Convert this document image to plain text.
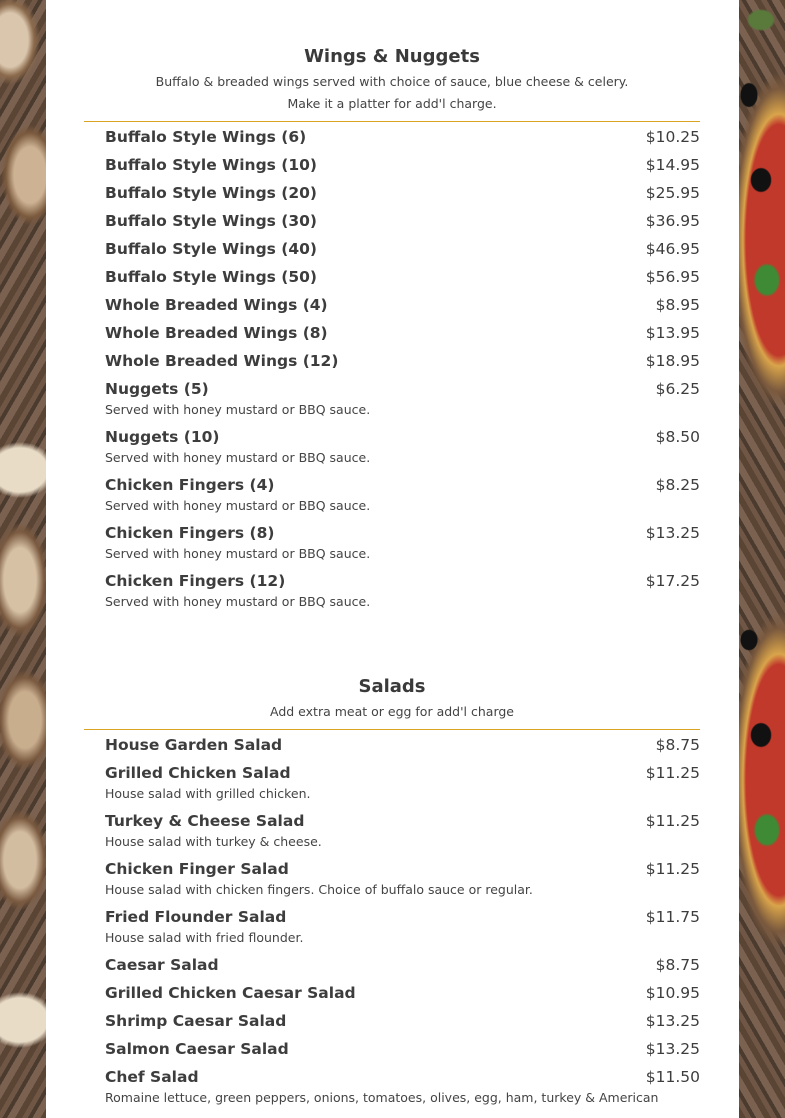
Wings & Nuggets

Buffalo & breaded wings served with choice of sauce, blue cheese & celery.

Make it a platter for add'l charge.

Buffalo Style Wings (6)	$10.25
Buffalo Style Wings (10)	$14.95
Buffalo Style Wings (20)	$25.95
Buffalo Style Wings (30)	$36.95
Buffalo Style Wings (40)	$46.95
Buffalo Style Wings (50)	$56.95
Whole Breaded Wings (4)	$8.95
Whole Breaded Wings (8)	$13.95
Whole Breaded Wings (12)	$18.95
Nuggets (5)	$6.25
Served with honey mustard or BBQ sauce.
Nuggets (10)	$8.50
Served with honey mustard or BBQ sauce.
Chicken Fingers (4)	$8.25
Served with honey mustard or BBQ sauce.
Chicken Fingers (8)	$13.25
Served with honey mustard or BBQ sauce.
Chicken Fingers (12)	$17.25
Served with honey mustard or BBQ sauce.
Salads

Add extra meat or egg for add'l charge

House Garden Salad	$8.75
Grilled Chicken Salad	$11.25
House salad with grilled chicken.
Turkey & Cheese Salad	$11.25
House salad with turkey & cheese.
Chicken Finger Salad	$11.25
House salad with chicken fingers. Choice of buffalo sauce or regular.
Fried Flounder Salad	$11.75
House salad with fried flounder.
Caesar Salad	$8.75
Grilled Chicken Caesar Salad	$10.95
Shrimp Caesar Salad	$13.25
Salmon Caesar Salad	$13.25
Chef Salad	$11.50
Romaine lettuce, green peppers, onions, tomatoes, olives, egg, ham, turkey & American
